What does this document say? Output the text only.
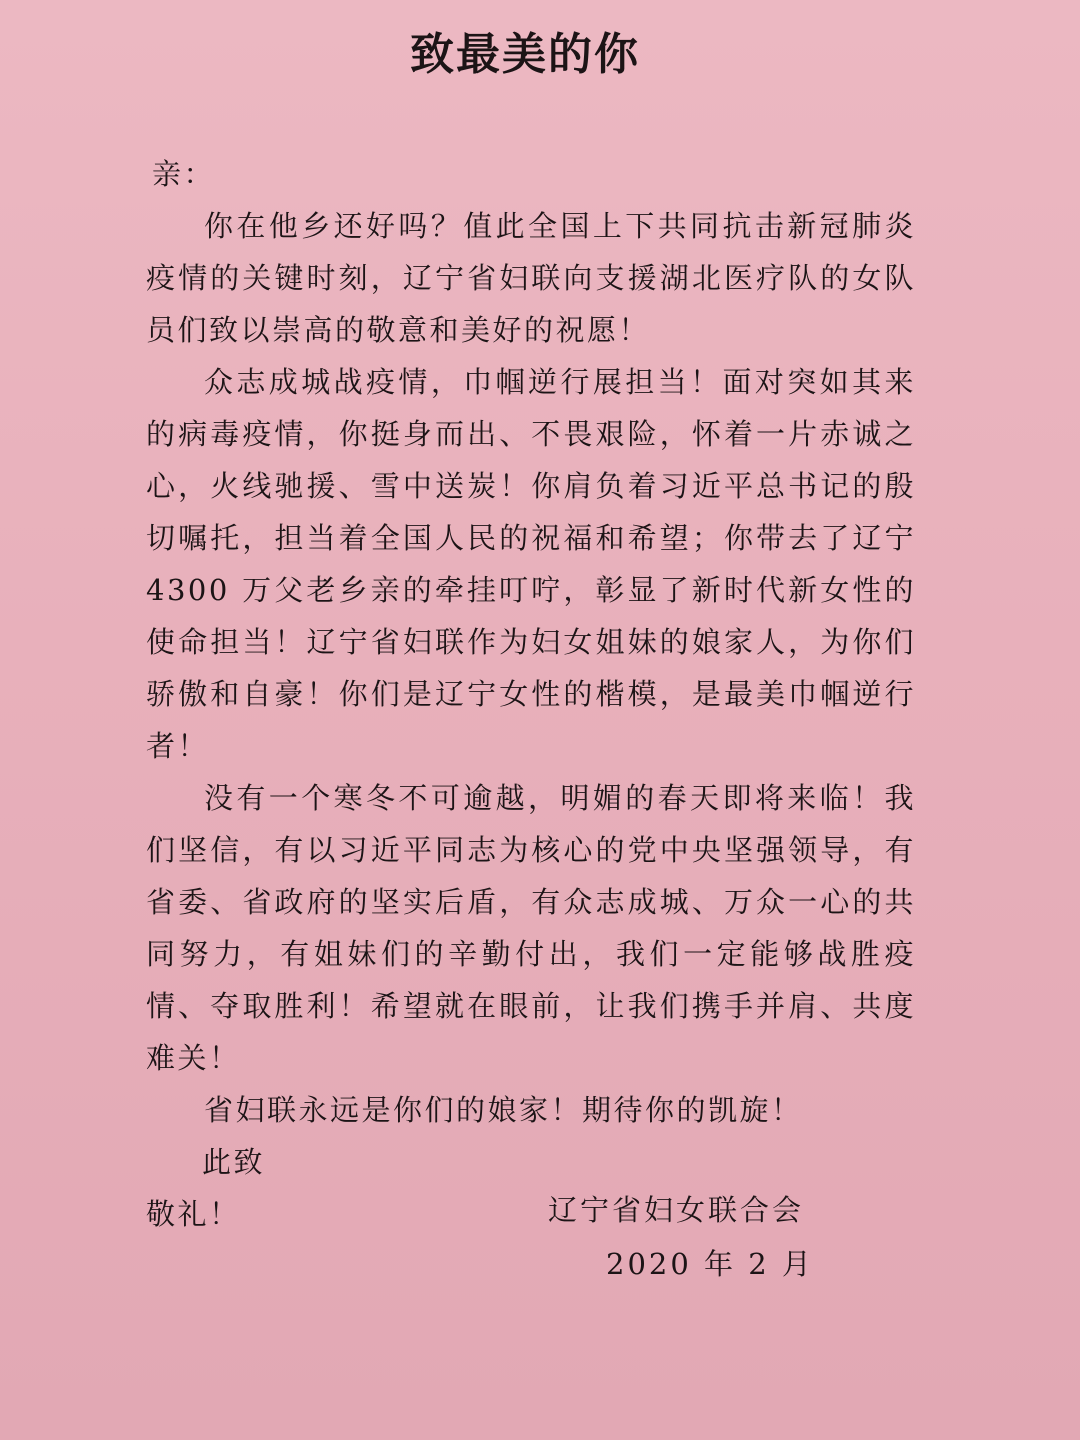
致最美的你

亲：

你在他乡还好吗？值此全国上下共同抗击新冠肺炎疫情的关键时刻，辽宁省妇联向支援湖北医疗队的女队员们致以崇高的敬意和美好的祝愿！

众志成城战疫情，巾帼逆行展担当！面对突如其来的病毒疫情，你挺身而出、不畏艰险，怀着一片赤诚之心，火线驰援、雪中送炭！你肩负着习近平总书记的殷切嘱托，担当着全国人民的祝福和希望；你带去了辽宁 4300 万父老乡亲的牵挂叮咛，彰显了新时代新女性的使命担当！辽宁省妇联作为妇女姐妹的娘家人，为你们骄傲和自豪！你们是辽宁女性的楷模，是最美巾帼逆行者！

没有一个寒冬不可逾越，明媚的春天即将来临！我们坚信，有以习近平同志为核心的党中央坚强领导，有省委、省政府的坚实后盾，有众志成城、万众一心的共同努力，有姐妹们的辛勤付出，我们一定能够战胜疫情、夺取胜利！希望就在眼前，让我们携手并肩、共度难关！

省妇联永远是你们的娘家！期待你的凯旋！

此致

敬礼！	辽宁省妇女联合会
2020 年 2 月
